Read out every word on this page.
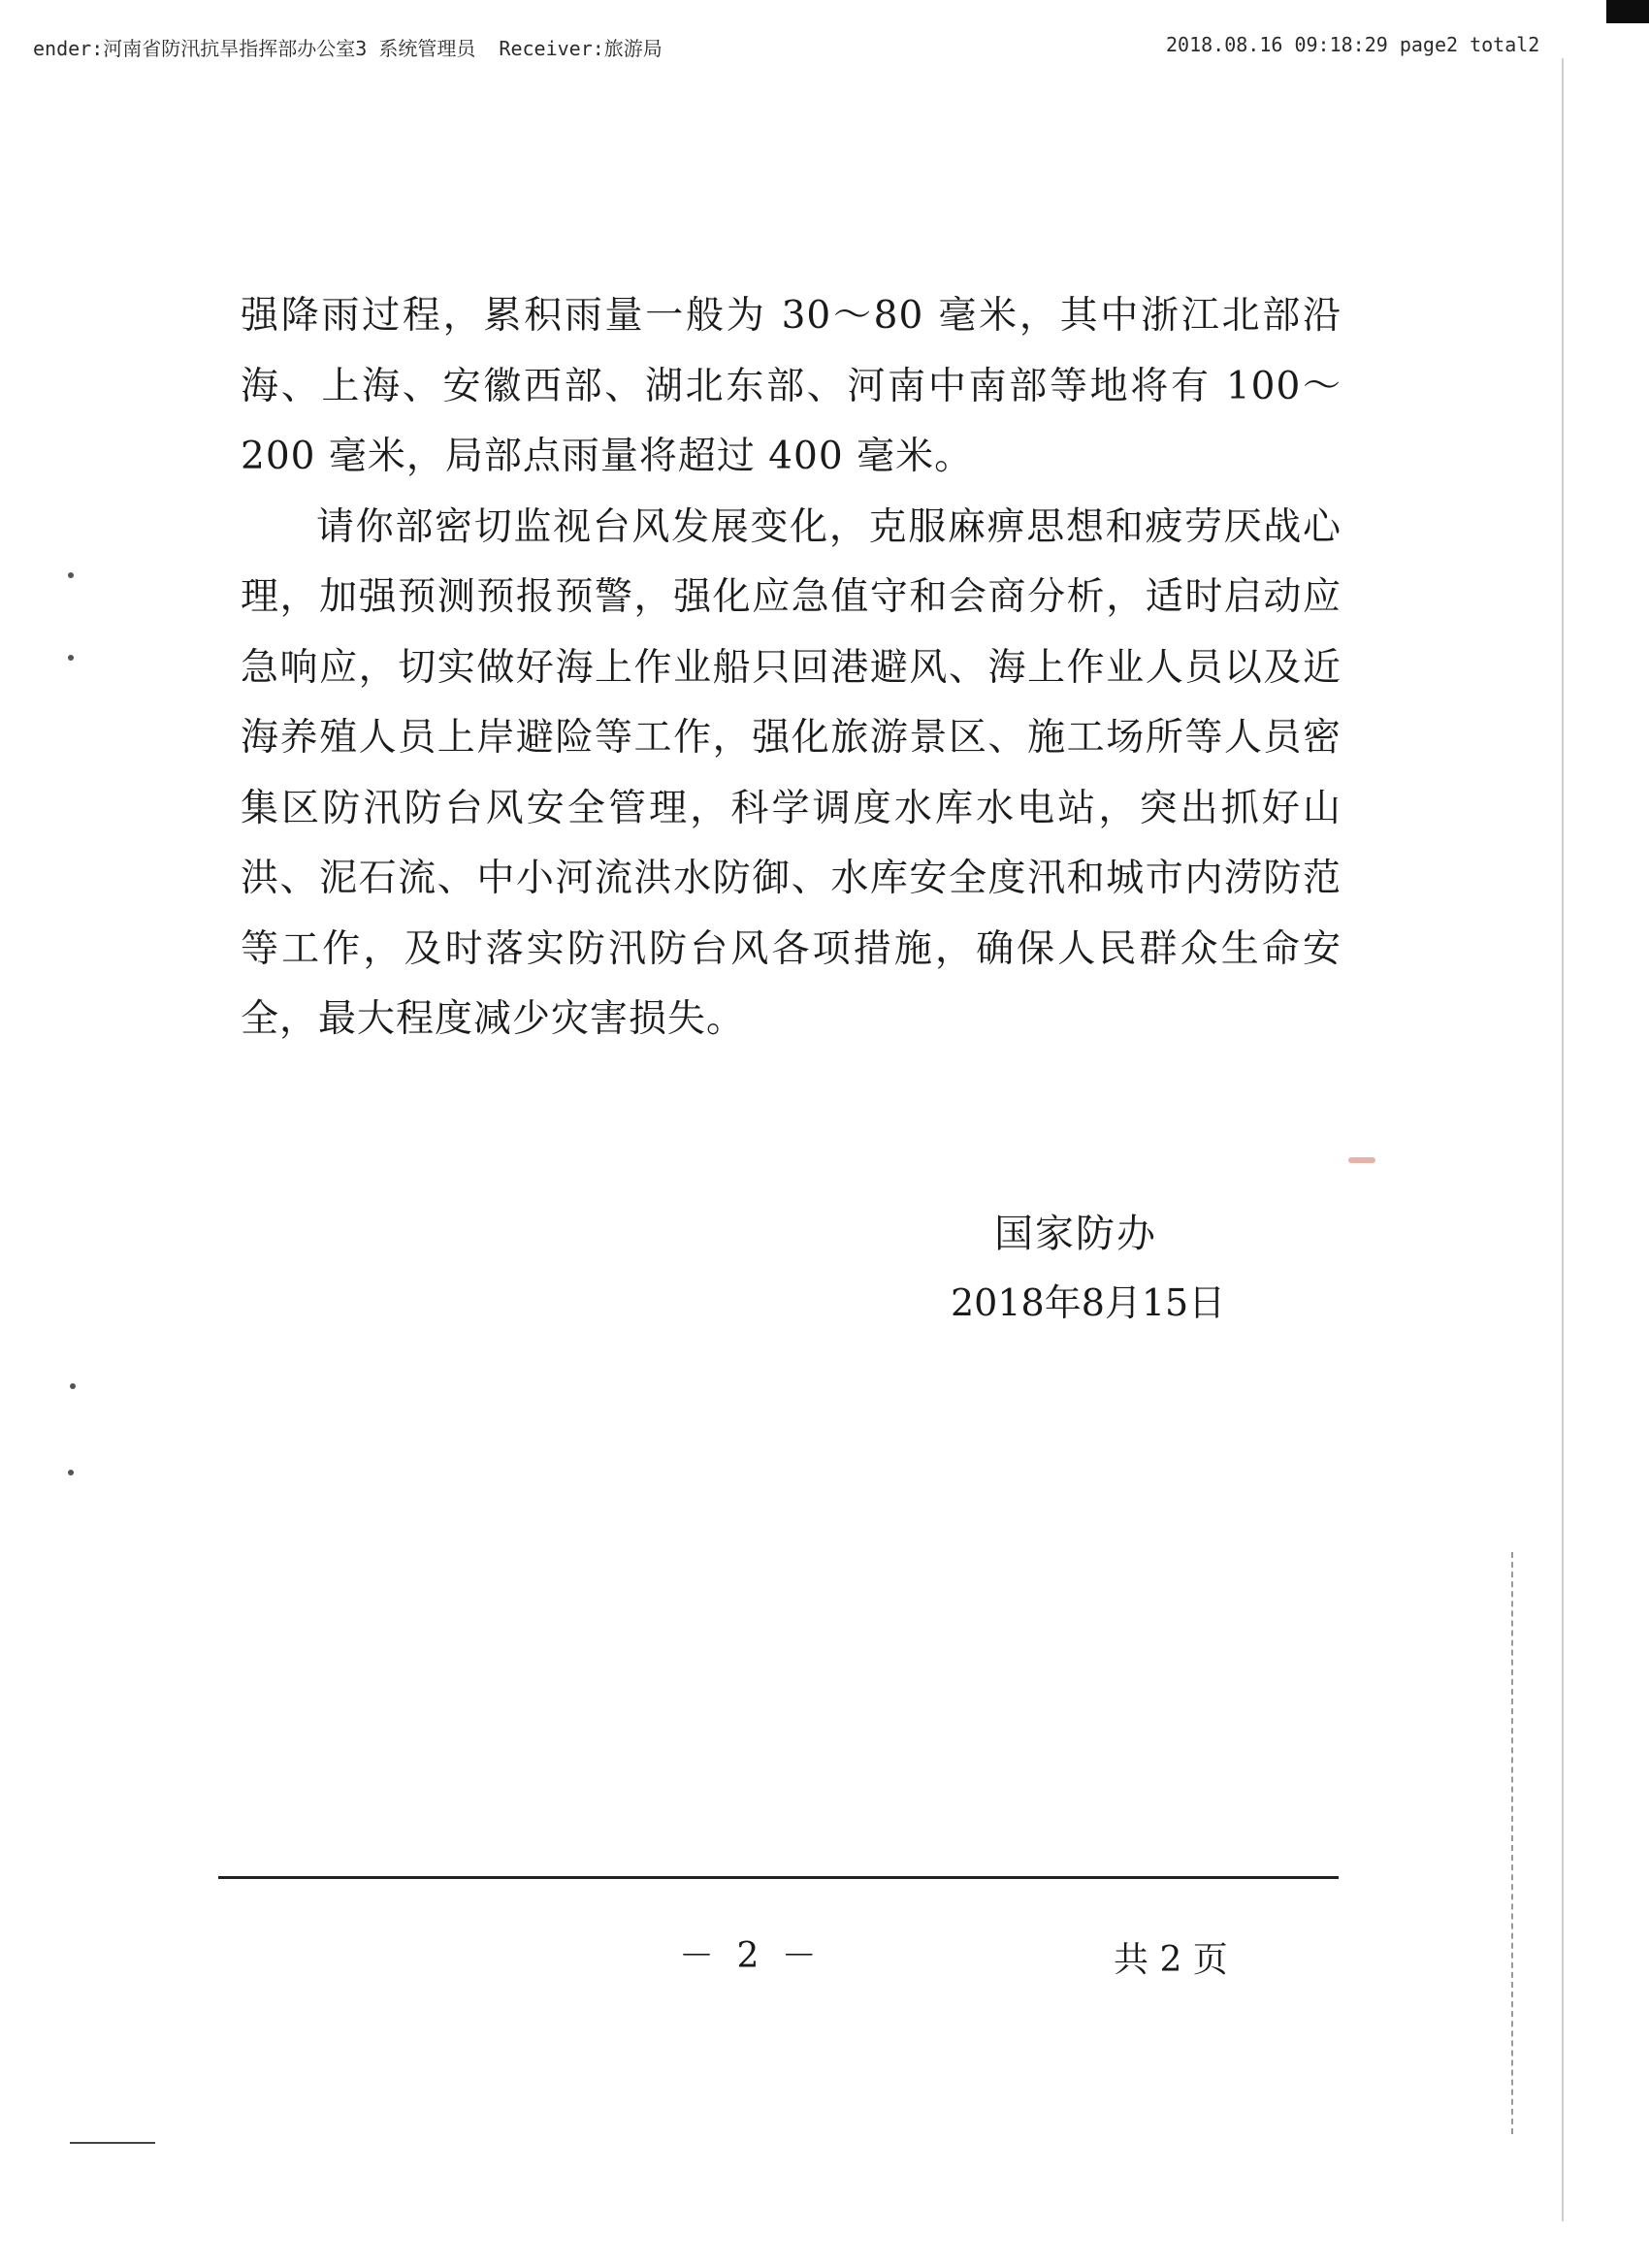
ender:河南省防汛抗旱指挥部办公室3 系统管理员 Receiver:旅游局	2018.08.16 09:18:29 page2 total2

强降雨过程，累积雨量一般为 30～80 毫米，其中浙江北部沿海、上海、安徽西部、湖北东部、河南中南部等地将有 100～200 毫米，局部点雨量将超过 400 毫米。

请你部密切监视台风发展变化，克服麻痹思想和疲劳厌战心理，加强预测预报预警，强化应急值守和会商分析，适时启动应急响应，切实做好海上作业船只回港避风、海上作业人员以及近海养殖人员上岸避险等工作，强化旅游景区、施工场所等人员密集区防汛防台风安全管理，科学调度水库水电站，突出抓好山洪、泥石流、中小河流洪水防御、水库安全度汛和城市内涝防范等工作，及时落实防汛防台风各项措施，确保人民群众生命安全，最大程度减少灾害损失。

国家防办
2018年8月15日
－ 2 －	共 2 页
